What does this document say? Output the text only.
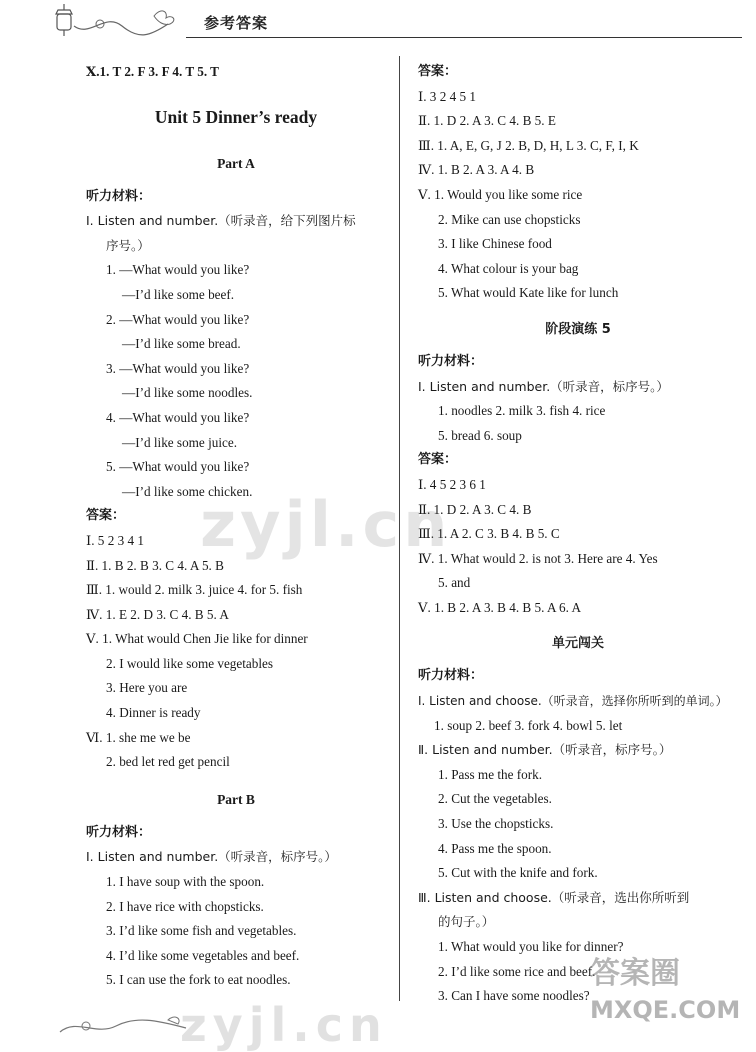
参考答案
Ⅹ.1. T 2. F 3. F 4. T 5. T
Unit 5 Dinner’s ready
Part A
听力材料：
Ⅰ. Listen and number.（听录音，给下列图片标
序号。）
1. —What would you like?
—I’d like some beef.
2. —What would you like?
—I’d like some bread.
3. —What would you like?
—I’d like some noodles.
4. —What would you like?
—I’d like some juice.
5. —What would you like?
—I’d like some chicken.
答案：
Ⅰ. 5 2 3 4 1
Ⅱ. 1. B 2. B 3. C 4. A 5. B
Ⅲ. 1. would 2. milk 3. juice 4. for 5. fish
Ⅳ. 1. E 2. D 3. C 4. B 5. A
Ⅴ. 1. What would Chen Jie like for dinner
2. I would like some vegetables
3. Here you are
4. Dinner is ready
Ⅵ. 1. she me we be
2. bed let red get pencil
Part B
听力材料：
Ⅰ. Listen and number.（听录音，标序号。）
1. I have soup with the spoon.
2. I have rice with chopsticks.
3. I’d like some fish and vegetables.
4. I’d like some vegetables and beef.
5. I can use the fork to eat noodles.
答案：
Ⅰ. 3 2 4 5 1
Ⅱ. 1. D 2. A 3. C 4. B 5. E
Ⅲ. 1. A, E, G, J 2. B, D, H, L 3. C, F, I, K
Ⅳ. 1. B 2. A 3. A 4. B
Ⅴ. 1. Would you like some rice
2. Mike can use chopsticks
3. I like Chinese food
4. What colour is your bag
5. What would Kate like for lunch
阶段演练 5
听力材料：
Ⅰ. Listen and number.（听录音，标序号。）
1. noodles 2. milk 3. fish 4. rice
5. bread 6. soup
答案：
Ⅰ. 4 5 2 3 6 1
Ⅱ. 1. D 2. A 3. C 4. B
Ⅲ. 1. A 2. C 3. B 4. B 5. C
Ⅳ. 1. What would 2. is not 3. Here are 4. Yes
5. and
Ⅴ. 1. B 2. A 3. B 4. B 5. A 6. A
单元闯关
听力材料：
Ⅰ. Listen and choose.（听录音，选择你所听到的单词。）
1. soup 2. beef 3. fork 4. bowl 5. let
Ⅱ. Listen and number.（听录音，标序号。）
1. Pass me the fork.
2. Cut the vegetables.
3. Use the chopsticks.
4. Pass me the spoon.
5. Cut with the knife and fork.
Ⅲ. Listen and choose.（听录音，选出你所听到
的句子。）
1. What would you like for dinner?
2. I’d like some rice and beef.
3. Can I have some noodles?
zyjl.cn
zyjl.cn
答案圈
MXQE.COM
